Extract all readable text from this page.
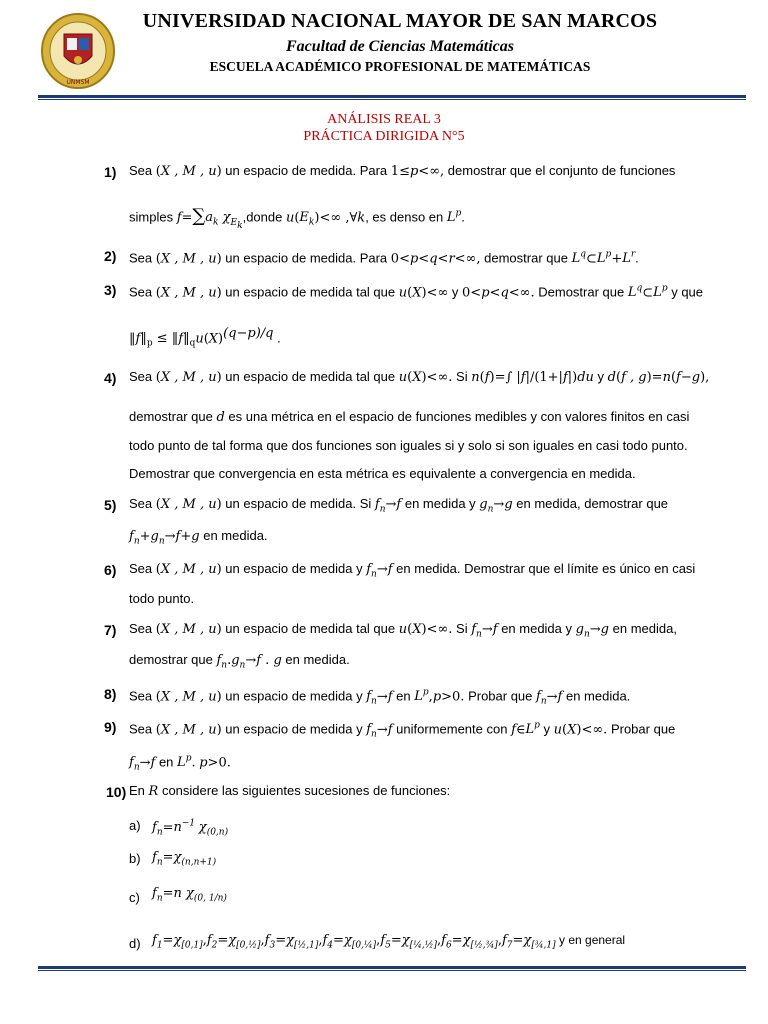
UNMSM
UNIVERSIDAD NACIONAL MAYOR DE SAN MARCOS
Facultad de Ciencias Matemáticas
ESCUELA ACADÉMICO PROFESIONAL DE MATEMÁTICAS
ANÁLISIS REAL 3
PRÁCTICA DIRIGIDA N°5
1) Sea (X , M , u) un espacio de medida. Para 1≤p<∞, demostrar que el conjunto de funciones
simples $f=\sum a_k$ $\chi_{E_k},donde$ $u(E_k)<\infty$ ,∀k, es denso en $L^p$.
2) Sea (X , M , u) un espacio de medida. Para 0<p<q<r<∞, demostrar que $L^q\subset L^p+L^r$.
3) Sea (X , M , u) un espacio de medida tal que u(X)<∞ y 0<p<q<∞. Demostrar que $L^q\subset L^p$ y que
$‖f‖_p$ ≤ $‖f‖_qu(X)^{(q-p)/q}$ .
4) Sea (X , M , u) un espacio de medida tal que u(X)<∞. Si n(f)=∫ |f|/(1+|f|)du y d(f , g)=n(f−g),
demostrar que d es una métrica en el espacio de funciones medibles y con valores finitos en casi
todo punto de tal forma que dos funciones son iguales si y solo si son iguales en casi todo punto.
Demostrar que convergencia en esta métrica es equivalente a convergencia en medida.
5) Sea (X , M , u) un espacio de medida. Si $f_n\to f$ en medida y $g_n\to g$ en medida, demostrar que
$f_n+g_n\to f+g$ en medida.
6) Sea (X , M , u) un espacio de medida y $f_n\to f$ en medida. Demostrar que el límite es único en casi
todo punto.
7) Sea (X , M , u) un espacio de medida tal que u(X)<∞. Si $f_n\to f$ en medida y $g_n\to g$ en medida,
demostrar que $f_n.g_n\to f$ . g en medida.
8) Sea (X , M , u) un espacio de medida y $f_n\to f$ en $L^p,p>0$. Probar que $f_n\to f$ en medida.
9) Sea (X , M , u) un espacio de medida y $f_n\to f$ uniformemente con $f\in L^p$ y u(X)<∞. Probar que
$f_n\to f$ en $L^p$. p>0.
10) En R considere las siguientes sucesiones de funciones:
a) $f_n=n^{-1}$ $\chi_{(0,n)}$
b) $f_n=\chi_{(n,n+1)}$
c) $f_n=n$ $\chi_{(0, 1/n)}$
d) $f_1=\chi_{[0,1]},f_2=\chi_{[0,\frac{1}{2}]},f_3=\chi_{[\frac{1}{2},1]},f_4=\chi_{[0,\frac{1}{4}]},f_5=\chi_{[\frac{1}{4},\frac{1}{2}]},f_6=\chi_{[\frac{1}{2},\frac{3}{4}]},f_7=\chi_{[\frac{3}{4},1]}$ y en general
